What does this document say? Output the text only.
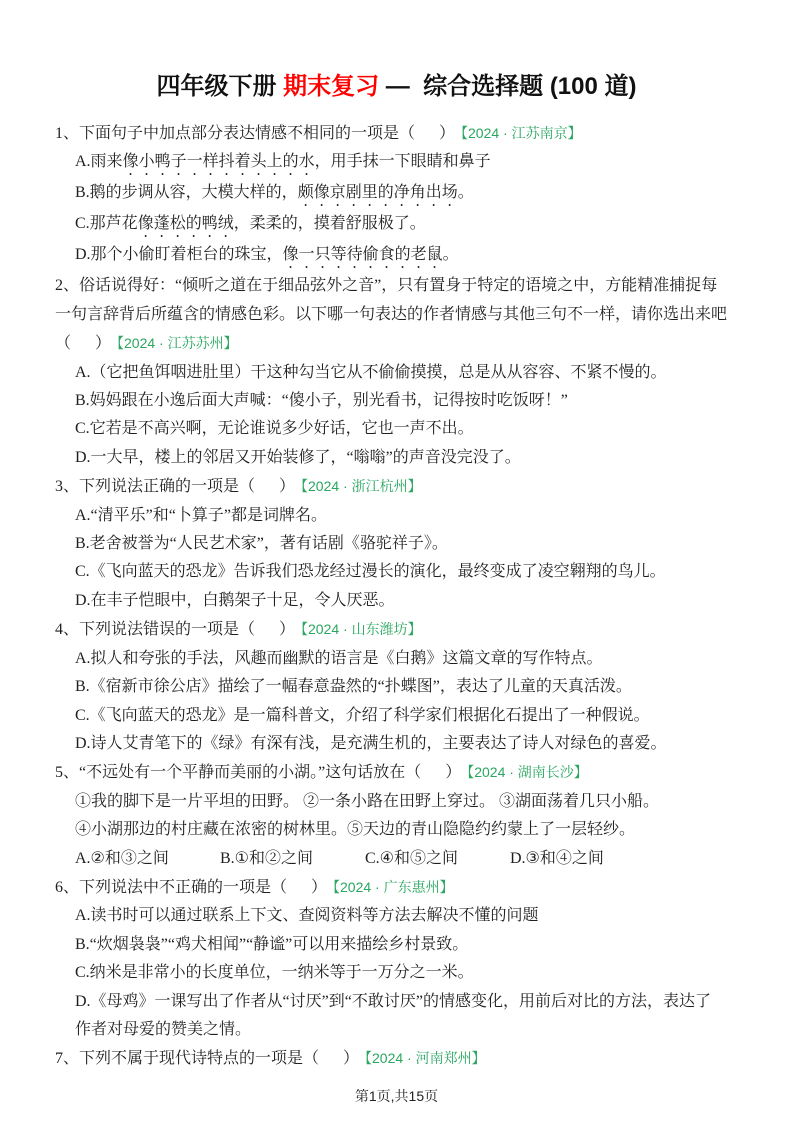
四年级下册 期末复习 —  综合选择题 (100 道)
1、下面句子中加点部分表达情感不相同的一项是（      ） 【2024 · 江苏南京】
A.雨来像小鸭子一样抖着头上的水，用手抹一下眼睛和鼻子
B.鹅的步调从容，大模大样的，颇像京剧里的净角出场。
C.那芦花像蓬松的鸭绒，柔柔的，摸着舒服极了。
D.那个小偷盯着柜台的珠宝，像一只等待偷食的老鼠。
2、俗话说得好：“倾听之道在于细品弦外之音”，只有置身于特定的语境之中，方能精准捕捉每
一句言辞背后所蕴含的情感色彩。以下哪一句表达的作者情感与其他三句不一样，请你选出来吧
（      ） 【2024 · 江苏苏州】
A.（它把鱼饵咽进肚里）干这种勾当它从不偷偷摸摸，总是从从容容、不紧不慢的。
B.妈妈跟在小逸后面大声喊：“傻小子，别光看书，记得按时吃饭呀！”
C.它若是不高兴啊，无论谁说多少好话，它也一声不出。
D.一大早，楼上的邻居又开始装修了，“嗡嗡”的声音没完没了。
3、下列说法正确的一项是（      ） 【2024 · 浙江杭州】
A.“清平乐”和“卜算子”都是词牌名。
B.老舍被誉为“人民艺术家”，著有话剧《骆驼祥子》。
C.《飞向蓝天的恐龙》告诉我们恐龙经过漫长的演化，最终变成了凌空翱翔的鸟儿。
D.在丰子恺眼中，白鹅架子十足，令人厌恶。
4、下列说法错误的一项是（      ） 【2024 · 山东潍坊】
A.拟人和夸张的手法，风趣而幽默的语言是《白鹅》这篇文章的写作特点。
B.《宿新市徐公店》描绘了一幅春意盎然的“扑蝶图”，表达了儿童的天真活泼。
C.《飞向蓝天的恐龙》是一篇科普文，介绍了科学家们根据化石提出了一种假说。
D.诗人艾青笔下的《绿》有深有浅，是充满生机的，主要表达了诗人对绿色的喜爱。
5、“不远处有一个平静而美丽的小湖。”这句话放在（      ） 【2024 · 湖南长沙】
①我的脚下是一片平坦的田野。 ②一条小路在田野上穿过。 ③湖面荡着几只小船。
④小湖那边的村庄藏在浓密的树林里。⑤天边的青山隐隐约约蒙上了一层轻纱。
A.②和③之间	B.①和②之间	C.④和⑤之间	D.③和④之间
6、下列说法中不正确的一项是（      ） 【2024 · 广东惠州】
A.读书时可以通过联系上下文、查阅资料等方法去解决不懂的问题
B.“炊烟袅袅”“鸡犬相闻”“静谧”可以用来描绘乡村景致。
C.纳米是非常小的长度单位，一纳米等于一万分之一米。
D.《母鸡》一课写出了作者从“讨厌”到“不敢讨厌”的情感变化，用前后对比的方法，表达了
作者对母爱的赞美之情。
7、下列不属于现代诗特点的一项是（      ） 【2024 · 河南郑州】
第1页,共15页
